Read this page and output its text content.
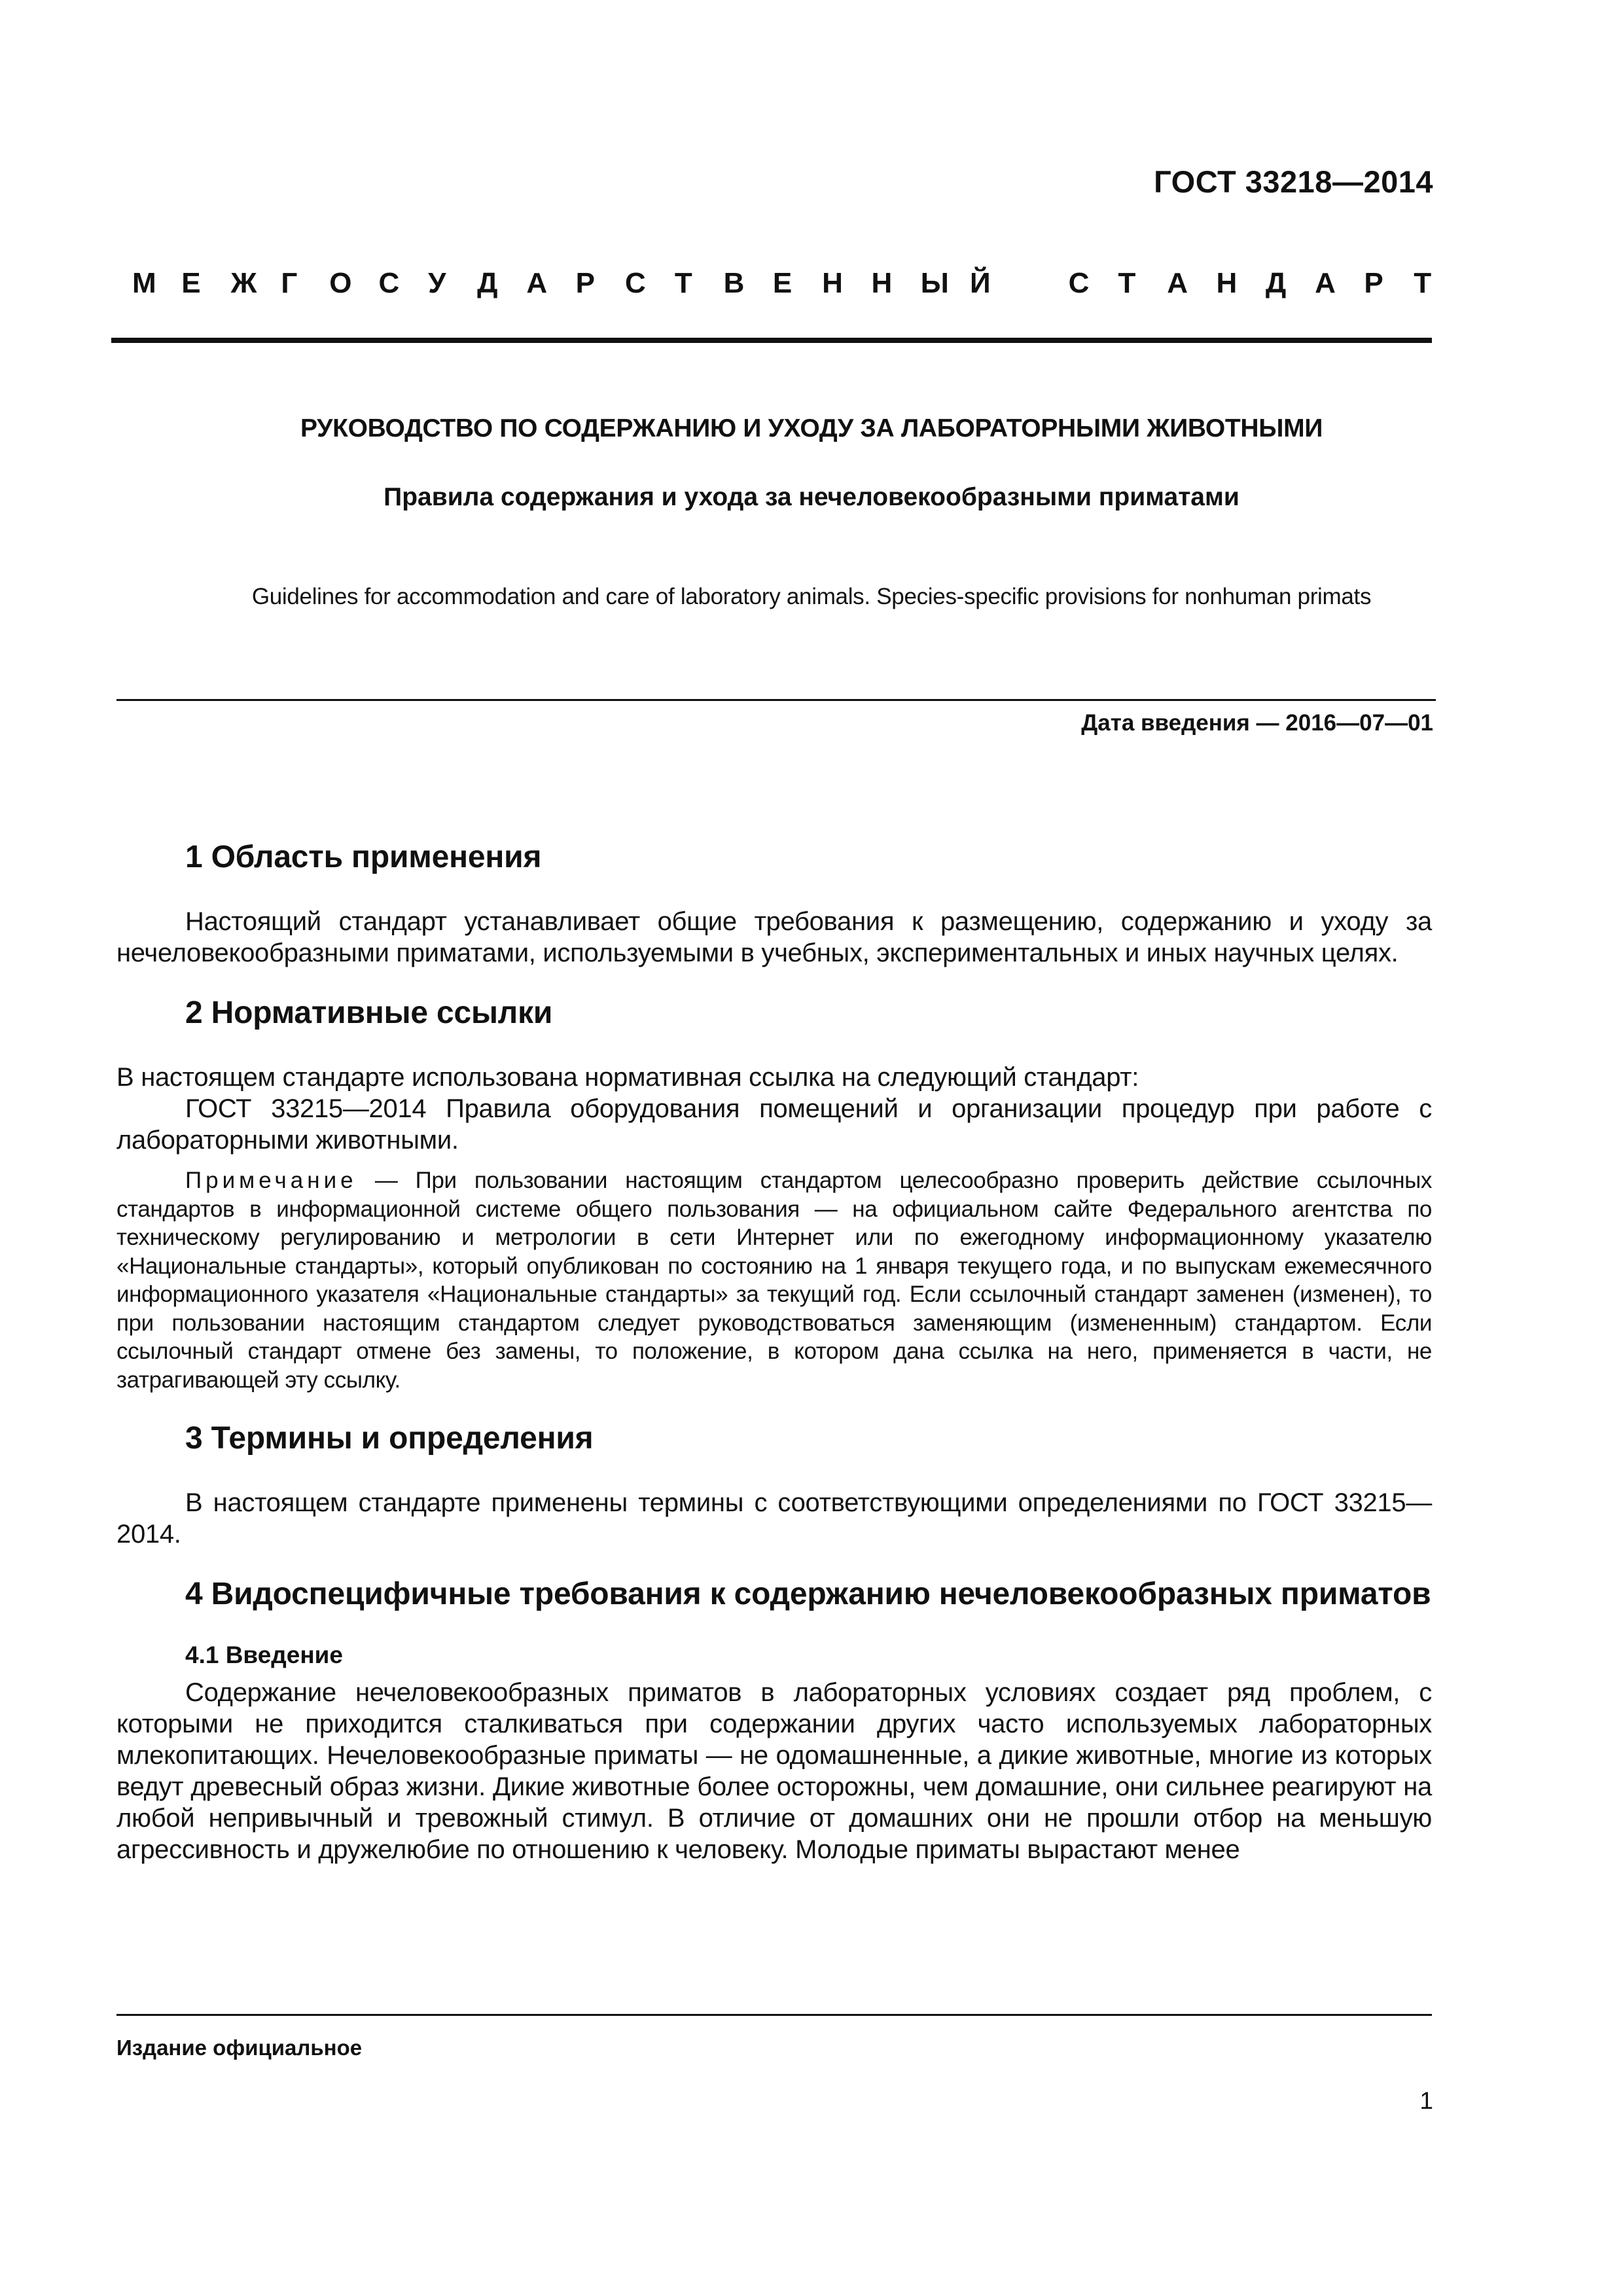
ГОСТ 33218—2014
М Е Ж Г О С У Д А Р С Т В Е Н Н Ы Й	С Т А Н Д А Р Т
РУКОВОДСТВО ПО СОДЕРЖАНИЮ И УХОДУ ЗА ЛАБОРАТОРНЫМИ ЖИВОТНЫМИ
Правила содержания и ухода за нечеловекообразными приматами
Guidelines for accommodation and care of laboratory animals. Species-specific provisions for nonhuman primats
Дата введения — 2016—07—01
1 Область применения

Настоящий стандарт устанавливает общие требования к размещению, содержанию и уходу за нечеловекообразными приматами, используемыми в учебных, экспериментальных и иных научных целях.

2 Нормативные ссылки

В настоящем стандарте использована нормативная ссылка на следующий стандарт:

ГОСТ 33215—2014 Правила оборудования помещений и организации процедур при работе с лабораторными животными.

Примечание — При пользовании настоящим стандартом целесообразно проверить действие ссылочных стандартов в информационной системе общего пользования — на официальном сайте Федерального агентства по техническому регулированию и метрологии в сети Интернет или по ежегодному информационному указателю «Национальные стандарты», который опубликован по состоянию на 1 января текущего года, и по выпускам ежемесячного информационного указателя «Национальные стандарты» за текущий год. Если ссылочный стандарт заменен (изменен), то при пользовании настоящим стандартом следует руководствоваться заменяющим (измененным) стандартом. Если ссылочный стандарт отмене без замены, то положение, в котором дана ссылка на него, применяется в части, не затрагивающей эту ссылку.
3 Термины и определения

В настоящем стандарте применены термины с соответствующими определениями по ГОСТ 33215—2014.

4 Видоспецифичные требования к содержанию нечеловекообразных приматов
4.1 Введение

Содержание нечеловекообразных приматов в лабораторных условиях создает ряд проблем, с которыми не приходится сталкиваться при содержании других часто используемых лабораторных млекопитающих. Нечеловекообразные приматы — не одомашненные, а дикие животные, многие из которых ведут древесный образ жизни. Дикие животные более осторожны, чем домашние, они сильнее реагируют на любой непривычный и тревожный стимул. В отличие от домашних они не прошли отбор на меньшую агрессивность и дружелюбие по отношению к человеку. Молодые приматы вырастают менее

Издание официальное
1
